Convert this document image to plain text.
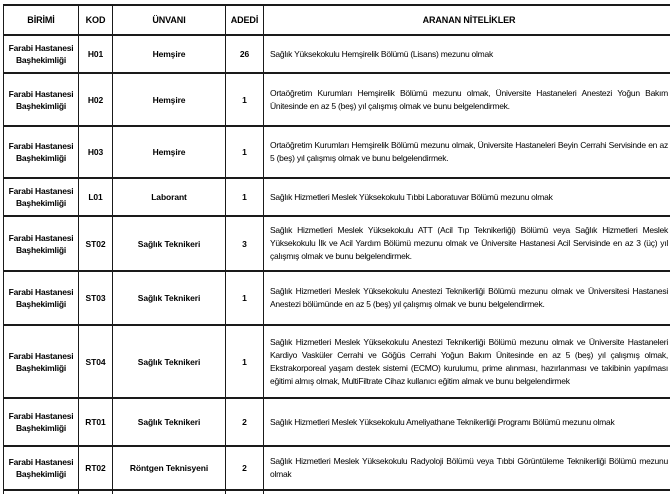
BİRİMİ	KOD	ÜNVANI	ADEDİ	ARANAN NİTELİKLER
Farabi Hastanesi Başhekimliği	H01	Hemşire	26	Sağlık Yüksekokulu Hemşirelik Bölümü (Lisans) mezunu olmak
Farabi Hastanesi Başhekimliği	H02	Hemşire	1	Ortaöğretim Kurumları Hemşirelik Bölümü mezunu olmak, Üniversite Hastaneleri Anestezi Yoğun Bakım Ünitesinde en az 5 (beş) yıl çalışmış olmak ve bunu belgelendirmek.
Farabi Hastanesi Başhekimliği	H03	Hemşire	1	Ortaöğretim Kurumları Hemşirelik Bölümü mezunu olmak, Üniversite Hastaneleri Beyin Cerrahi Servisinde en az 5 (beş) yıl çalışmış olmak ve bunu belgelendirmek.
Farabi Hastanesi Başhekimliği	L01	Laborant	1	Sağlık Hizmetleri Meslek Yüksekokulu Tıbbi Laboratuvar Bölümü mezunu olmak
Farabi Hastanesi Başhekimliği	ST02	Sağlık Teknikeri	3	Sağlık Hizmetleri Meslek Yüksekokulu ATT (Acil Tıp Teknikerliği) Bölümü veya Sağlık Hizmetleri Meslek Yüksekokulu İlk ve Acil Yardım Bölümü mezunu olmak ve Üniversite Hastanesi Acil Servisinde en az 3 (üç) yıl çalışmış olmak ve bunu belgelendirmek.
Farabi Hastanesi Başhekimliği	ST03	Sağlık Teknikeri	1	Sağlık Hizmetleri Meslek Yüksekokulu Anestezi Teknikerliği Bölümü mezunu olmak ve Üniversitesi Hastanesi Anestezi bölümünde en az 5 (beş) yıl çalışmış olmak ve bunu belgelendirmek.
Farabi Hastanesi Başhekimliği	ST04	Sağlık Teknikeri	1	Sağlık Hizmetleri Meslek Yüksekokulu Anestezi Teknikerliği Bölümü mezunu olmak ve Üniversite Hastaneleri Kardiyo Vasküler Cerrahi ve Göğüs Cerrahi Yoğun Bakım Ünitesinde en az 5 (beş) yıl çalışmış olmak, Ekstrakorporeal yaşam destek sistemi (ECMO) kurulumu, prime alınması, hazırlanması ve takibinin yapılması eğitimi almış olmak, MultiFiltrate Cihaz kullanıcı eğitim almak ve bunu belgelendirmek
Farabi Hastanesi Başhekimliği	RT01	Sağlık Teknikeri	2	Sağlık Hizmetleri Meslek Yüksekokulu Ameliyathane Teknikerliği Programı Bölümü mezunu olmak
Farabi Hastanesi Başhekimliği	RT02	Röntgen Teknisyeni	2	Sağlık Hizmetleri Meslek Yüksekokulu Radyoloji Bölümü veya Tıbbi Görüntüleme Teknikerliği Bölümü mezunu olmak
